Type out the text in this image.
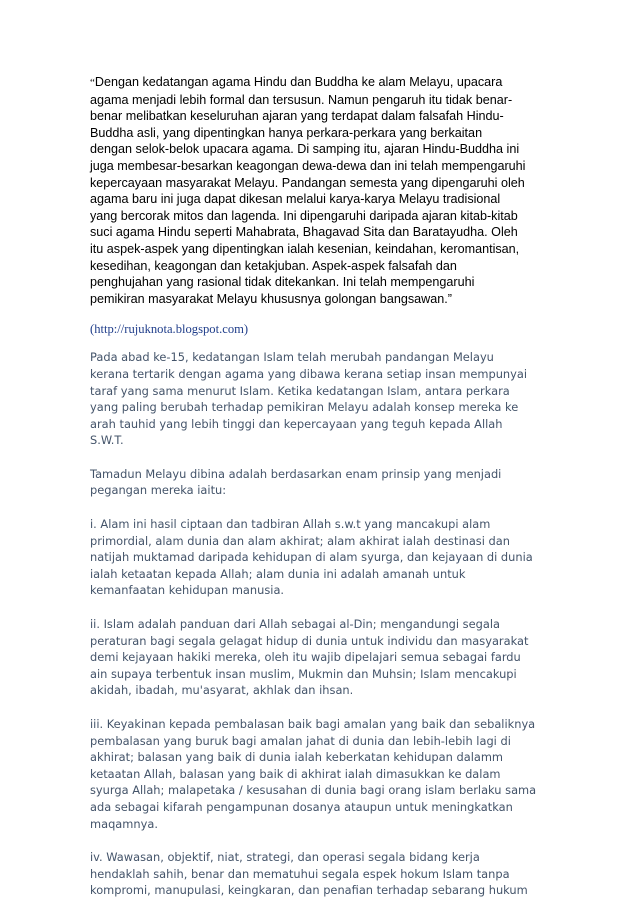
“Dengan kedatangan agama Hindu dan Buddha ke alam Melayu, upacara
agama menjadi lebih formal dan tersusun. Namun pengaruh itu tidak benar-
benar melibatkan keseluruhan ajaran yang terdapat dalam falsafah Hindu-
Buddha asli, yang dipentingkan hanya perkara-perkara yang berkaitan
dengan selok-belok upacara agama. Di samping itu, ajaran Hindu-Buddha ini
juga membesar-besarkan keagongan dewa-dewa dan ini telah mempengaruhi
kepercayaan masyarakat Melayu. Pandangan semesta yang dipengaruhi oleh
agama baru ini juga dapat dikesan melalui karya-karya Melayu tradisional
yang bercorak mitos dan lagenda. Ini dipengaruhi daripada ajaran kitab-kitab
suci agama Hindu seperti Mahabrata, Bhagavad Sita dan Baratayudha. Oleh
itu aspek-aspek yang dipentingkan ialah kesenian, keindahan, keromantisan,
kesedihan, keagongan dan ketakjuban. Aspek-aspek falsafah dan
penghujahan yang rasional tidak ditekankan. Ini telah mempengaruhi
pemikiran masyarakat Melayu khususnya golongan bangsawan.”

(http://rujuknota.blogspot.com)

Pada abad ke-15, kedatangan Islam telah merubah pandangan Melayu
kerana tertarik dengan agama yang dibawa kerana setiap insan mempunyai
taraf yang sama menurut Islam. Ketika kedatangan Islam, antara perkara
yang paling berubah terhadap pemikiran Melayu adalah konsep mereka ke
arah tauhid yang lebih tinggi dan kepercayaan yang teguh kepada Allah
S.W.T.

Tamadun Melayu dibina adalah berdasarkan enam prinsip yang menjadi
pegangan mereka iaitu:

i. Alam ini hasil ciptaan dan tadbiran Allah s.w.t yang mancakupi alam
primordial, alam dunia dan alam akhirat; alam akhirat ialah destinasi dan
natijah muktamad daripada kehidupan di alam syurga, dan kejayaan di dunia
ialah ketaatan kepada Allah; alam dunia ini adalah amanah untuk
kemanfaatan kehidupan manusia.

ii. Islam adalah panduan dari Allah sebagai al-Din; mengandungi segala
peraturan bagi segala gelagat hidup di dunia untuk individu dan masyarakat
demi kejayaan hakiki mereka, oleh itu wajib dipelajari semua sebagai fardu
ain supaya terbentuk insan muslim, Mukmin dan Muhsin; Islam mencakupi
akidah, ibadah, mu'asyarat, akhlak dan ihsan.

iii. Keyakinan kepada pembalasan baik bagi amalan yang baik dan sebaliknya
pembalasan yang buruk bagi amalan jahat di dunia dan lebih-lebih lagi di
akhirat; balasan yang baik di dunia ialah keberkatan kehidupan dalamm
ketaatan Allah, balasan yang baik di akhirat ialah dimasukkan ke dalam
syurga Allah; malapetaka / kesusahan di dunia bagi orang islam berlaku sama
ada sebagai kifarah pengampunan dosanya ataupun untuk meningkatkan
maqamnya.

iv. Wawasan, objektif, niat, strategi, dan operasi segala bidang kerja
hendaklah sahih, benar dan mematuhui segala espek hokum Islam tanpa
kompromi, manupulasi, keingkaran, dan penafian terhadap sebarang hukum
